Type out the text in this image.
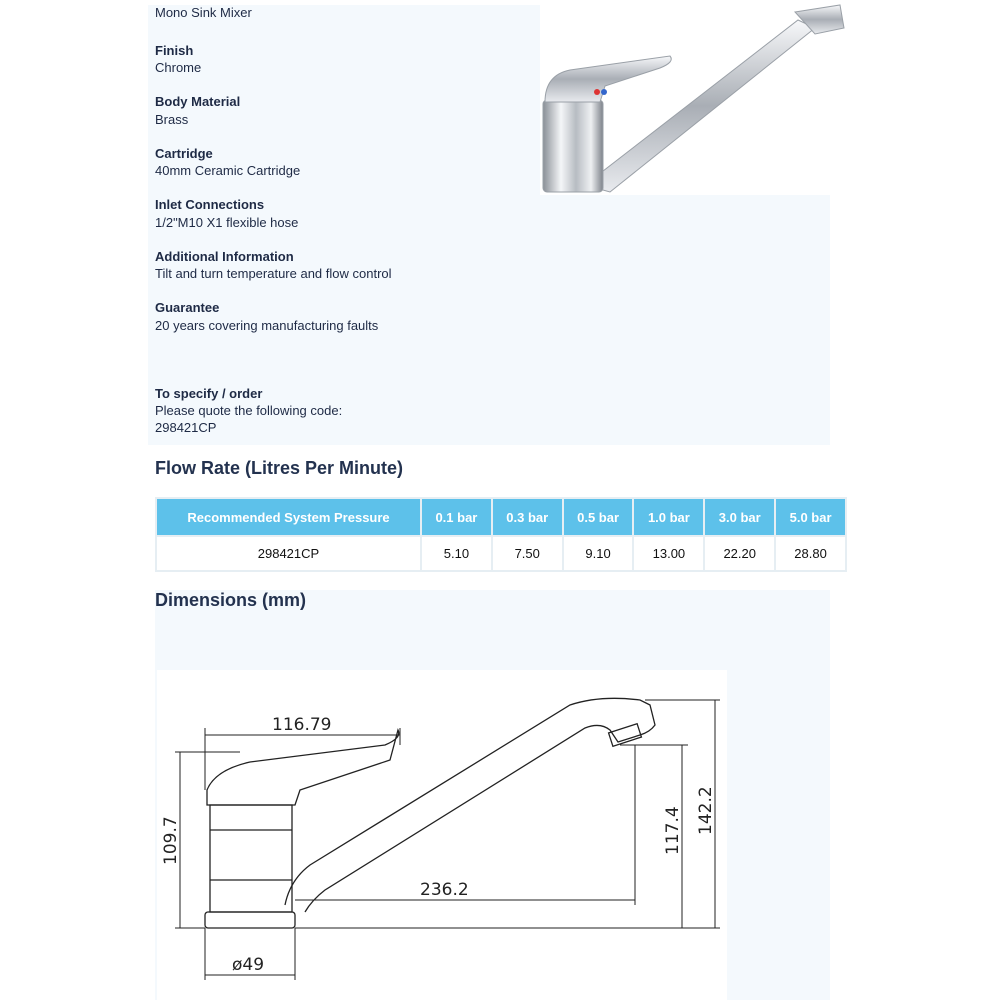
Mono Sink Mixer
Finish
Chrome
Body Material
Brass
Cartridge
40mm Ceramic Cartridge
Inlet Connections
1/2"M10 X1 flexible hose
Additional Information
Tilt and turn temperature and flow control
Guarantee
20 years covering manufacturing faults
To specify / order
Please quote the following code:
298421CP
Flow Rate (Litres Per Minute)
Recommended System Pressure	0.1 bar	0.3 bar	0.5 bar	1.0 bar	3.0 bar	5.0 bar
298421CP	5.10	7.50	9.10	13.00	22.20	28.80
Dimensions (mm)
116.79
109.7
236.2
117.4 142.2
ø49
